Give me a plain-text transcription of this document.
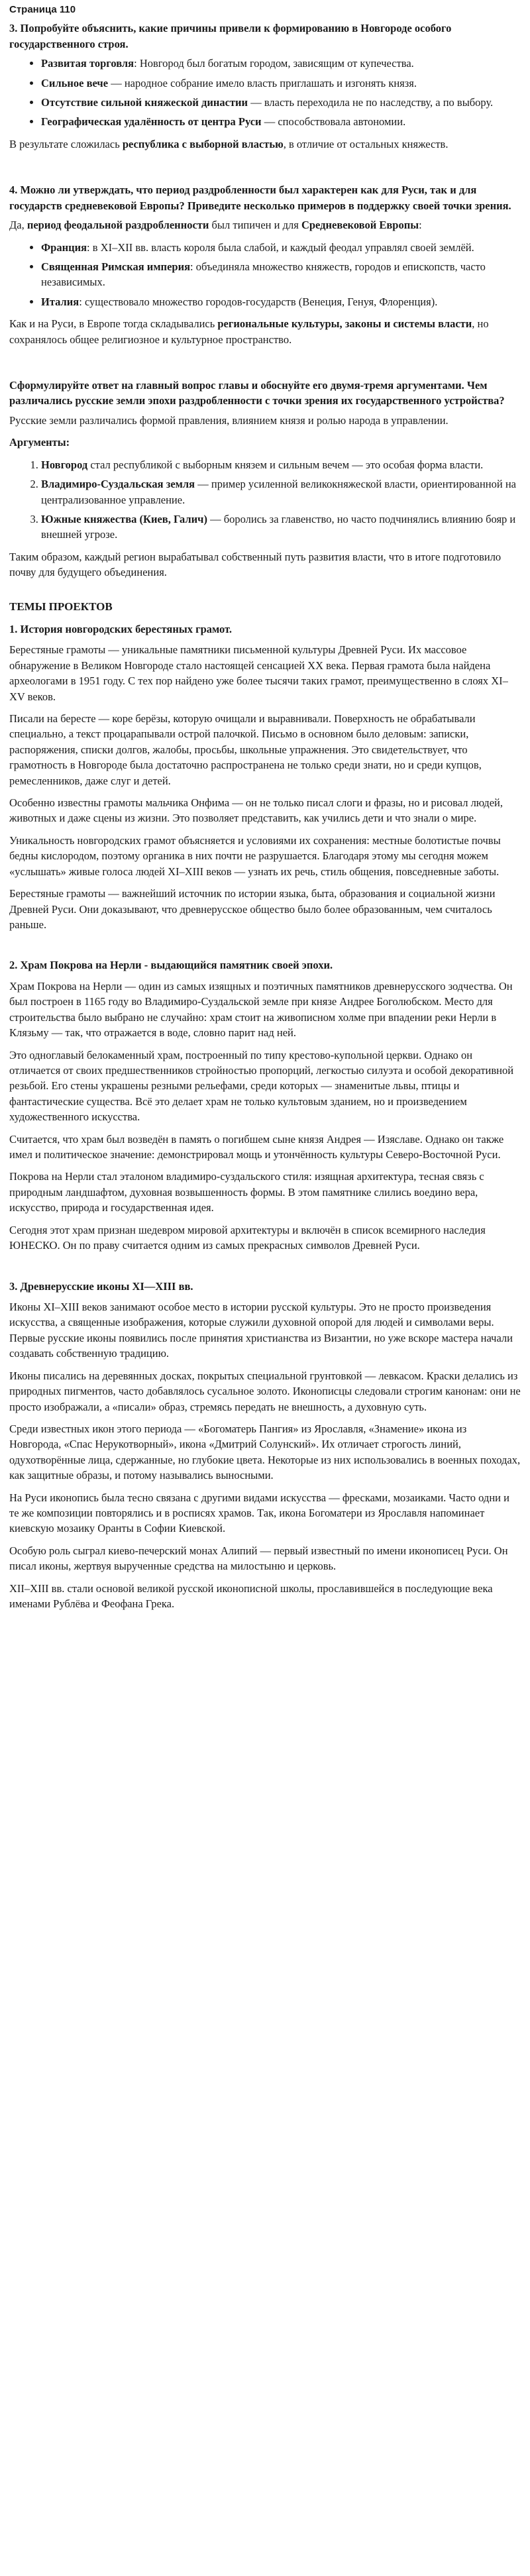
Страница 110
3. Попробуйте объяснить, какие причины привели к формированию в Новгороде особого государственного строя.
• Развитая торговля: Новгород был богатым городом, зависящим от купечества.
• Сильное вече — народное собрание имело власть приглашать и изгонять князя.
• Отсутствие сильной княжеской династии — власть переходила не по наследству, а по выбору.
• Географическая удалённость от центра Руси — способствовала автономии.

В результате сложилась республика с выборной властью, в отличие от остальных княжеств.

4. Можно ли утверждать, что период раздробленности был характерен как для Руси, так и для государств средневековой Европы? Приведите несколько примеров в поддержку своей точки зрения.

Да, период феодальной раздробленности был типичен и для Средневековой Европы:

• Франция: в XI–XII вв. власть короля была слабой, и каждый феодал управлял своей землёй.
• Священная Римская империя: объединяла множество княжеств, городов и епископств, часто независимых.
• Италия: существовало множество городов-государств (Венеция, Генуя, Флоренция).

Как и на Руси, в Европе тогда складывались региональные культуры, законы и системы власти, но сохранялось общее религиозное и культурное пространство.

Сформулируйте ответ на главный вопрос главы и обоснуйте его двумя-тремя аргументами. Чем различались русские земли эпохи раздробленности с точки зрения их государственного устройства?

Русские земли различались формой правления, влиянием князя и ролью народа в управлении.

Аргументы:

1. Новгород стал республикой с выборным князем и сильным вечем — это особая форма власти.
2. Владимиро-Суздальская земля — пример усиленной великокняжеской власти, ориентированной на централизованное управление.
3. Южные княжества (Киев, Галич) — боролись за главенство, но часто подчинялись влиянию бояр и внешней угрозе.

Таким образом, каждый регион вырабатывал собственный путь развития власти, что в итоге подготовило почву для будущего объединения.

ТЕМЫ ПРОЕКТОВ
1. История новгородских берестяных грамот.

Берестяные грамоты — уникальные памятники письменной культуры Древней Руси. Их массовое обнаружение в Великом Новгороде стало настоящей сенсацией XX века. Первая грамота была найдена археологами в 1951 году. С тех пор найдено уже более тысячи таких грамот, преимущественно в слоях XI–XV веков.

Писали на бересте — коре берёзы, которую очищали и выравнивали. Поверхность не обрабатывали специально, а текст процарапывали острой палочкой. Письмо в основном было деловым: записки, распоряжения, списки долгов, жалобы, просьбы, школьные упражнения. Это свидетельствует, что грамотность в Новгороде была достаточно распространена не только среди знати, но и среди купцов, ремесленников, даже слуг и детей.

Особенно известны грамоты мальчика Онфима — он не только писал слоги и фразы, но и рисовал людей, животных и даже сцены из жизни. Это позволяет представить, как учились дети и что знали о мире.

Уникальность новгородских грамот объясняется и условиями их сохранения: местные болотистые почвы бедны кислородом, поэтому органика в них почти не разрушается. Благодаря этому мы сегодня можем «услышать» живые голоса людей XI–XIII веков — узнать их речь, стиль общения, повседневные заботы.

Берестяные грамоты — важнейший источник по истории языка, быта, образования и социальной жизни Древней Руси. Они доказывают, что древнерусское общество было более образованным, чем считалось раньше.

2. Храм Покрова на Нерли - выдающийся памятник своей эпохи.

Храм Покрова на Нерли — один из самых изящных и поэтичных памятников древнерусского зодчества. Он был построен в 1165 году во Владимиро-Суздальской земле при князе Андрее Боголюбском. Место для строительства было выбрано не случайно: храм стоит на живописном холме при впадении реки Нерли в Клязьму — так, что отражается в воде, словно парит над ней.

Это одноглавый белокаменный храм, построенный по типу крестово-купольной церкви. Однако он отличается от своих предшественников стройностью пропорций, легкостью силуэта и особой декоративной резьбой. Его стены украшены резными рельефами, среди которых — знаменитые львы, птицы и фантастические существа. Всё это делает храм не только культовым зданием, но и произведением художественного искусства.

Считается, что храм был возведён в память о погибшем сыне князя Андрея — Изяславе. Однако он также имел и политическое значение: демонстрировал мощь и утончённость культуры Северо-Восточной Руси.

Покрова на Нерли стал эталоном владимиро-суздальского стиля: изящная архитектура, тесная связь с природным ландшафтом, духовная возвышенность формы. В этом памятнике слились воедино вера, искусство, природа и государственная идея.

Сегодня этот храм признан шедевром мировой архитектуры и включён в список всемирного наследия ЮНЕСКО. Он по праву считается одним из самых прекрасных символов Древней Руси.

3. Древнерусские иконы XI—XIII вв.

Иконы XI–XIII веков занимают особое место в истории русской культуры. Это не просто произведения искусства, а священные изображения, которые служили духовной опорой для людей и символами веры. Первые русские иконы появились после принятия христианства из Византии, но уже вскоре мастера начали создавать собственную традицию.

Иконы писались на деревянных досках, покрытых специальной грунтовкой — левкасом. Краски делались из природных пигментов, часто добавлялось сусальное золото. Иконописцы следовали строгим канонам: они не просто изображали, а «писали» образ, стремясь передать не внешность, а духовную суть.

Среди известных икон этого периода — «Богоматерь Пангия» из Ярославля, «Знамение» икона из Новгорода, «Спас Нерукотворный», икона «Дмитрий Солунский». Их отличает строгость линий, одухотворённые лица, сдержанные, но глубокие цвета. Некоторые из них использовались в военных походах, как защитные образы, и потому назывались выносными.

На Руси иконопись была тесно связана с другими видами искусства — фресками, мозаиками. Часто одни и те же композиции повторялись и в росписях храмов. Так, икона Богоматери из Ярославля напоминает киевскую мозаику Оранты в Софии Киевской.

Особую роль сыграл киево-печерский монах Алипий — первый известный по имени иконописец Руси. Он писал иконы, жертвуя вырученные средства на милостыню и церковь.

XII–XIII вв. стали основой великой русской иконописной школы, прославившейся в последующие века именами Рублёва и Феофана Грека.
